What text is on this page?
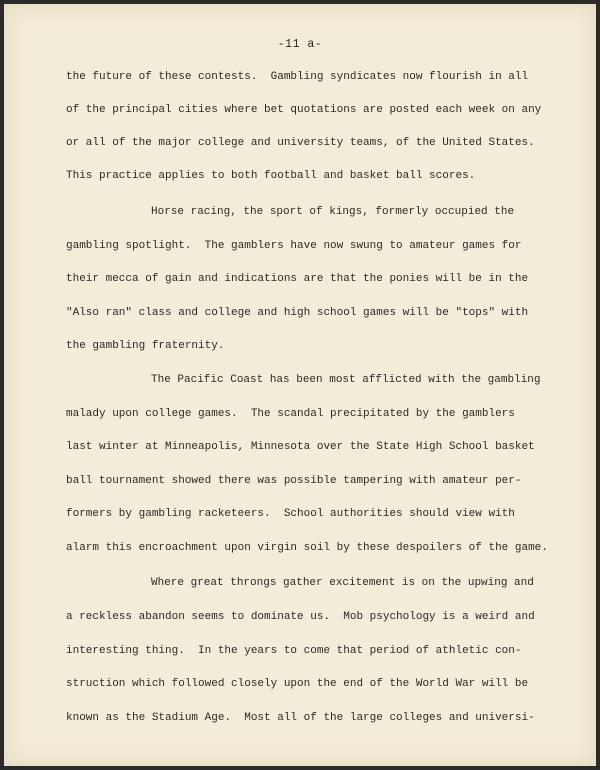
-11 a-

the future of these contests.  Gambling syndicates now flourish in all

of the principal cities where bet quotations are posted each week on any

or all of the major college and university teams, of the United States.

This practice applies to both football and basket ball scores.

Horse racing, the sport of kings, formerly occupied the

gambling spotlight.  The gamblers have now swung to amateur games for

their mecca of gain and indications are that the ponies will be in the

"Also ran" class and college and high school games will be "tops" with

the gambling fraternity.

The Pacific Coast has been most afflicted with the gambling

malady upon college games.  The scandal precipitated by the gamblers

last winter at Minneapolis, Minnesota over the State High School basket

ball tournament showed there was possible tampering with amateur per-

formers by gambling racketeers.  School authorities should view with

alarm this encroachment upon virgin soil by these despoilers of the game.

Where great throngs gather excitement is on the upwing and

a reckless abandon seems to dominate us.  Mob psychology is a weird and

interesting thing.  In the years to come that period of athletic con-

struction which followed closely upon the end of the World War will be

known as the Stadium Age.  Most all of the large colleges and universi-
